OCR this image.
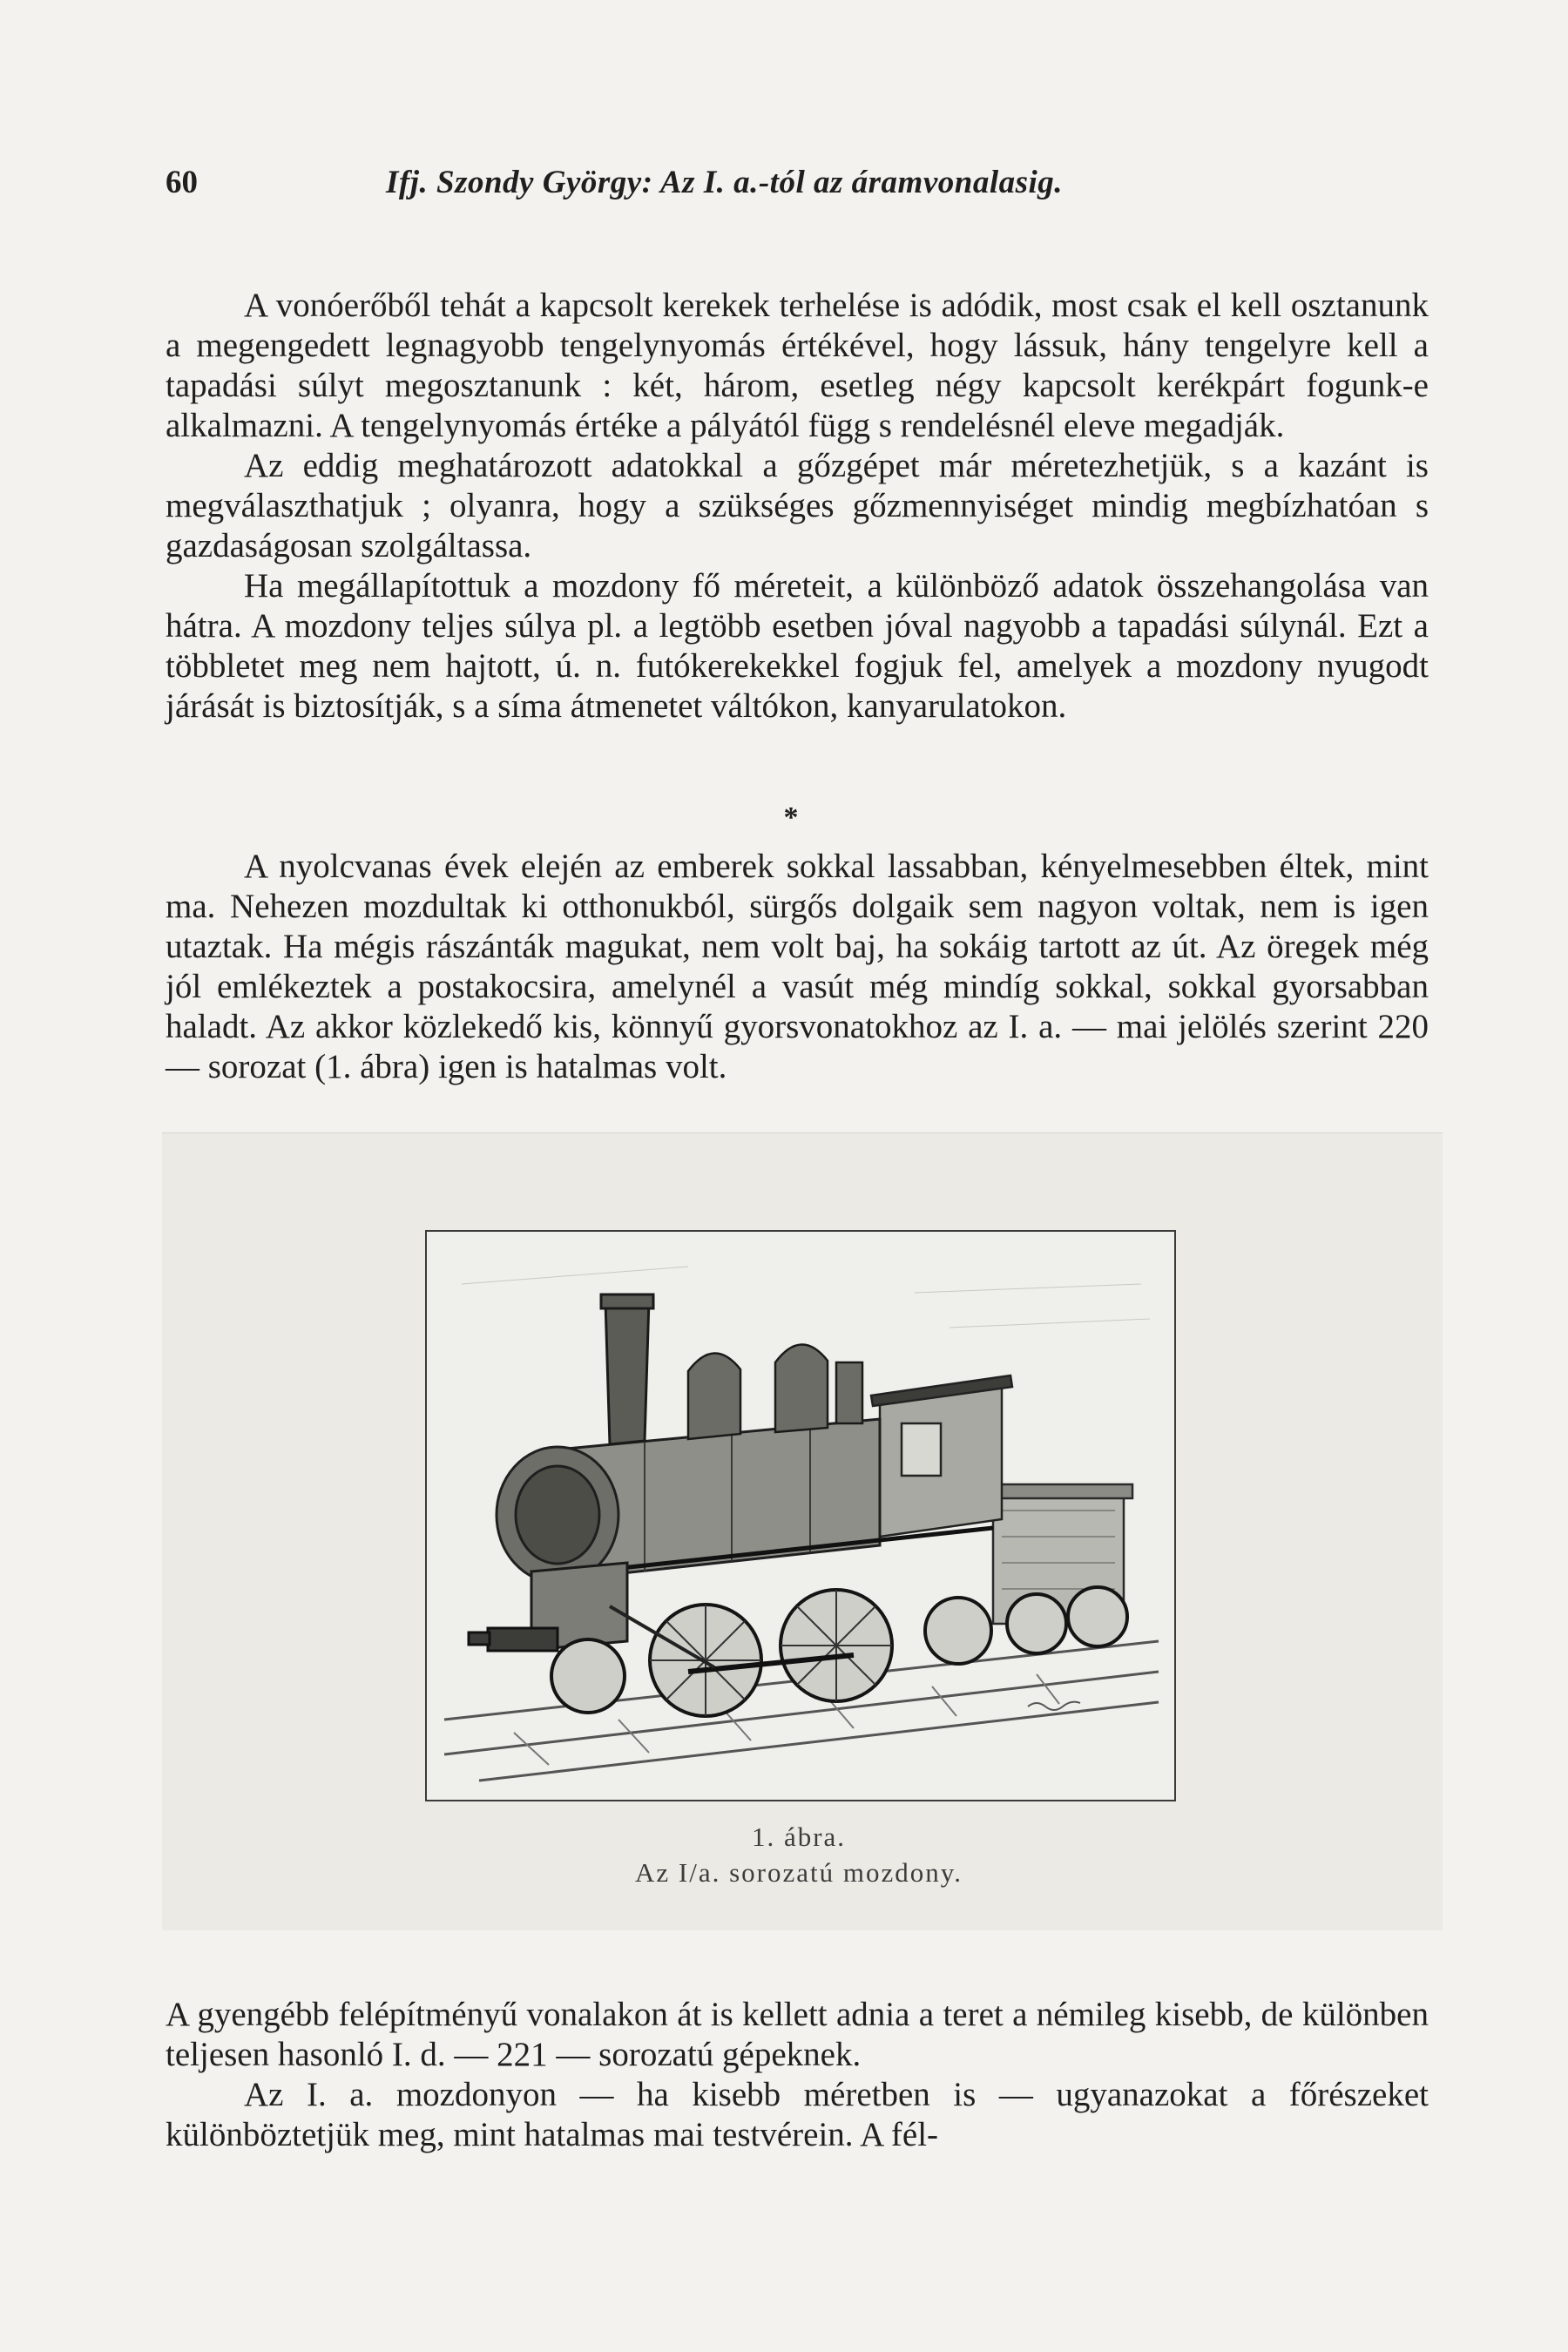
60	Ifj. Szondy György: Az I. a.-tól az áramvonalasig.

A vonóerőből tehát a kapcsolt kerekek terhelése is adódik, most csak el kell osztanunk a megengedett legnagyobb tengelynyomás értékével, hogy lássuk, hány tengelyre kell a tapadási súlyt megosztanunk : két, három, esetleg négy kapcsolt kerékpárt fogunk-e alkalmazni. A tengelynyomás értéke a pályától függ s rendelésnél eleve megadják.

Az eddig meghatározott adatokkal a gőzgépet már méretezhetjük, s a kazánt is megválaszthatjuk ; olyanra, hogy a szükséges gőzmennyiséget mindig megbízhatóan s gazdaságosan szolgáltassa.

Ha megállapítottuk a mozdony fő méreteit, a különböző adatok összehangolása van hátra. A mozdony teljes súlya pl. a legtöbb esetben jóval nagyobb a tapadási súlynál. Ezt a többletet meg nem hajtott, ú. n. futókerekekkel fogjuk fel, amelyek a mozdony nyugodt járását is biztosítják, s a síma átmenetet váltókon, kanyarulatokon.

*

A nyolcvanas évek elején az emberek sokkal lassabban, kényelmesebben éltek, mint ma. Nehezen mozdultak ki otthonukból, sürgős dolgaik sem nagyon voltak, nem is igen utaztak. Ha mégis rászánták magukat, nem volt baj, ha sokáig tartott az út. Az öregek még jól emlékeztek a postakocsira, amelynél a vasút még mindíg sokkal, sokkal gyorsabban haladt. Az akkor közlekedő kis, könnyű gyorsvonatokhoz az I. a. — mai jelölés szerint 220 — sorozat (1. ábra) igen is hatalmas volt.

1. ábra.
Az I/a. sorozatú mozdony.

A gyengébb felépítményű vonalakon át is kellett adnia a teret a némileg kisebb, de különben teljesen hasonló I. d. — 221 — sorozatú gépeknek.

Az I. a. mozdonyon — ha kisebb méretben is — ugyanazokat a főrészeket különböztetjük meg, mint hatalmas mai testvérein. A fél-
